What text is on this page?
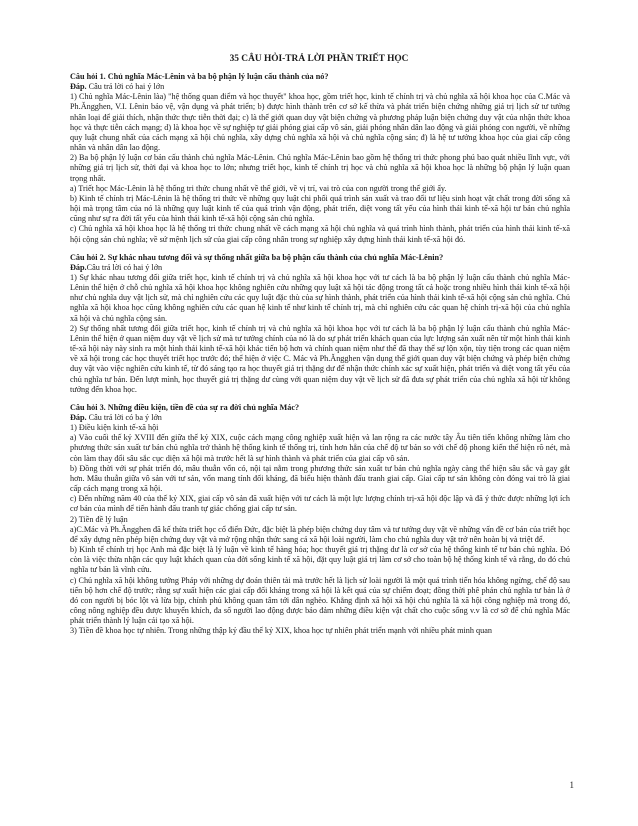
35 CÂU HỎI-TRẢ LỜI PHẦN TRIẾT HỌC

Câu hỏi 1. Chủ nghĩa Mác-Lênin và ba bộ phận lý luận cấu thành của nó?

Đáp. Câu trả lời có hai ý lớn

1) Chủ nghĩa Mác-Lênin làa) "hệ thống quan điểm và học thuyết" khoa học, gồm triết học, kinh tế chính trị và chủ nghĩa xã hội khoa học của C.Mác và Ph.Ăngghen, V.I. Lênin bảo vệ, vận dụng và phát triển; b) được hình thành trên cơ sở kế thừa và phát triển biện chứng những giá trị lịch sử tư tưởng nhân loại để giải thích, nhận thức thực tiễn thời đại; c) là thế giới quan duy vật biện chứng và phương pháp luận biện chứng duy vật của nhận thức khoa học và thực tiễn cách mạng; d) là khoa học về sự nghiệp tự giải phóng giai cấp vô sản, giải phóng nhân dân lao động và giải phóng con người, về những quy luật chung nhất của cách mạng xã hội chủ nghĩa, xây dựng chủ nghĩa xã hội và chủ nghĩa cộng sản; đ) là hệ tư tưởng khoa học của giai cấp công nhân và nhân dân lao động.

2) Ba bộ phận lý luận cơ bản cấu thành chủ nghĩa Mác-Lênin. Chủ nghĩa Mác-Lênin bao gồm hệ thống tri thức phong phú bao quát nhiều lĩnh vực, với những giá trị lịch sử, thời đại và khoa học to lớn; nhưng triết học, kinh tế chính trị học và chủ nghĩa xã hội khoa học là những bộ phận lý luận quan trọng nhất.

a) Triết học Mác-Lênin là hệ thống tri thức chung nhất về thế giới, về vị trí, vai trò của con người trong thế giới ấy.

b) Kinh tế chính trị Mác-Lênin là hệ thống tri thức về những quy luật chi phối quá trình sản xuất và trao đổi tư liệu sinh hoạt vật chất trong đời sống xã hội mà trọng tâm của nó là những quy luật kinh tế của quá trình vận động, phát triển, diệt vong tất yếu của hình thái kinh tế-xã hội tư bản chủ nghĩa cũng như sự ra đời tất yếu của hình thái kinh tế-xã hội cộng sản chủ nghĩa.

c) Chủ nghĩa xã hội khoa học là hệ thống tri thức chung nhất về cách mạng xã hội chủ nghĩa và quá trình hình thành, phát triển của hình thái kinh tế-xã hội cộng sản chủ nghĩa; về sứ mệnh lịch sử của giai cấp công nhân trong sự nghiệp xây dựng hình thái kinh tế-xã hội đó.

Câu hỏi 2. Sự khác nhau tương đối và sự thống nhất giữa ba bộ phận cấu thành của chủ nghĩa Mác-Lênin?

Đáp.Câu trả lời có hai ý lớn

1) Sự khác nhau tương đối giữa triết học, kinh tế chính trị và chủ nghĩa xã hội khoa học với tư cách là ba bộ phận lý luận cấu thành chủ nghĩa Mác-Lênin thể hiện ở chỗ chủ nghĩa xã hội khoa học không nghiên cứu những quy luật xã hội tác động trong tất cả hoặc trong nhiều hình thái kinh tế-xã hội như chủ nghĩa duy vật lịch sử, mà chỉ nghiên cứu các quy luật đặc thù của sự hình thành, phát triển của hình thái kinh tế-xã hội cộng sản chủ nghĩa. Chủ nghĩa xã hội khoa học cũng không nghiên cứu các quan hệ kinh tế như kinh tế chính trị, mà chỉ nghiên cứu các quan hệ chính trị-xã hội của chủ nghĩa xã hội và chủ nghĩa cộng sản.

2) Sự thống nhất tương đối giữa triết học, kinh tế chính trị và chủ nghĩa xã hội khoa học với tư cách là ba bộ phận lý luận cấu thành chủ nghĩa Mác-Lênin thể hiện ở quan niệm duy vật về lịch sử mà tư tưởng chính của nó là do sự phát triển khách quan của lực lượng sản xuất nên từ một hình thái kinh tế-xã hội này này sinh ra một hình thái kinh tế-xã hội khác tiến bộ hơn và chính quan niệm như thế đã thay thế sự lộn xộn, tùy tiện trong các quan niệm về xã hội trong các học thuyết triết học trước đó; thể hiện ở việc C. Mác và Ph.Ăngghen vận dụng thế giới quan duy vật biện chứng và phép biện chứng duy vật vào việc nghiên cứu kinh tế, từ đó sáng tạo ra học thuyết giá trị thặng dư để nhận thức chính xác sự xuất hiện, phát triển và diệt vong tất yếu của chủ nghĩa tư bản. Đến lượt mình, học thuyết giá trị thặng dư cùng với quan niệm duy vật về lịch sử đã đưa sự phát triển của chủ nghĩa xã hội từ không tưởng đến khoa học.

Câu hỏi 3. Những điều kiện, tiền đề của sự ra đời chủ nghĩa Mác?

Đáp. Câu trả lời có ba ý lớn

1) Điều kiện kinh tế-xã hội

a) Vào cuối thế kỷ XVIII đến giữa thế kỷ XIX, cuộc cách mạng công nghiệp xuất hiện và lan rộng ra các nước tây Âu tiên tiến không những làm cho phương thức sản xuất tư bản chủ nghĩa trở thành hệ thống kinh tế thống trị, tính hơn hẳn của chế độ tư bản so với chế độ phong kiến thể hiện rõ nét, mà còn làm thay đổi sâu sắc cục diện xã hội mà trước hết là sự hình thành và phát triển của giai cấp vô sản.

b) Đồng thời với sự phát triển đó, mâu thuẫn vốn có, nội tại nằm trong phương thức sản xuất tư bản chủ nghĩa ngày càng thể hiện sâu sắc và gay gắt hơn. Mâu thuẫn giữa vô sản với tư sản, vốn mang tính đối kháng, đã biểu hiện thành đấu tranh giai cấp. Giai cấp tư sản không còn đóng vai trò là giai cấp cách mạng trong xã hội.

c) Đến những năm 40 của thế kỷ XIX, giai cấp vô sản đã xuất hiện với tư cách là một lực lượng chính trị-xã hội độc lập và đã ý thức được những lợi ích cơ bản của mình để tiến hành đấu tranh tự giác chống giai cấp tư sản.

2) Tiền đề lý luận

a)C.Mác và Ph.Ăngghen đã kế thừa triết học cổ điển Đức, đặc biệt là phép biện chứng duy tâm và tư tưởng duy vật về những vấn đề cơ bản của triết học để xây dựng nên phép biện chứng duy vật và mở rộng nhận thức sang cả xã hội loài người, làm cho chủ nghĩa duy vật trở nên hoàn bị và triệt để.

b) Kinh tế chính trị học Anh mà đặc biệt là lý luận về kinh tế hàng hóa; học thuyết giá trị thặng dư là cơ sở của hệ thống kinh tế tư bản chủ nghĩa. Đó còn là việc thừa nhận các quy luật khách quan của đời sống kinh tế xã hội, đặt quy luật giá trị làm cơ sở cho toàn bộ hệ thống kinh tế và rằng, do đó chủ nghĩa tư bản là vĩnh cửu.

c) Chủ nghĩa xã hội không tưởng Pháp với những dự đoán thiên tài mà trước hết là lịch sử loài người là một quá trình tiến hóa không ngừng, chế độ sau tiến bộ hơn chế độ trước; rằng sự xuất hiện các giai cấp đối kháng trong xã hội là kết quả của sự chiếm đoạt; đồng thời phê phán chủ nghĩa tư bản là ở đó con người bị bóc lột và lừa bịp, chính phủ không quan tâm tới dân nghèo. Khẳng định xã hội xã hội chủ nghĩa là xã hội công nghiệp mà trong đó, công nông nghiệp đều được khuyến khích, đa số người lao động được bảo đảm những điều kiện vật chất cho cuộc sống v.v là cơ sở để chủ nghĩa Mác phát triển thành lý luận cải tạo xã hội.

3) Tiền đề khoa học tự nhiên. Trong những thập kỷ đầu thế kỷ XIX, khoa học tự nhiên phát triển mạnh với nhiều phát minh quan

1
